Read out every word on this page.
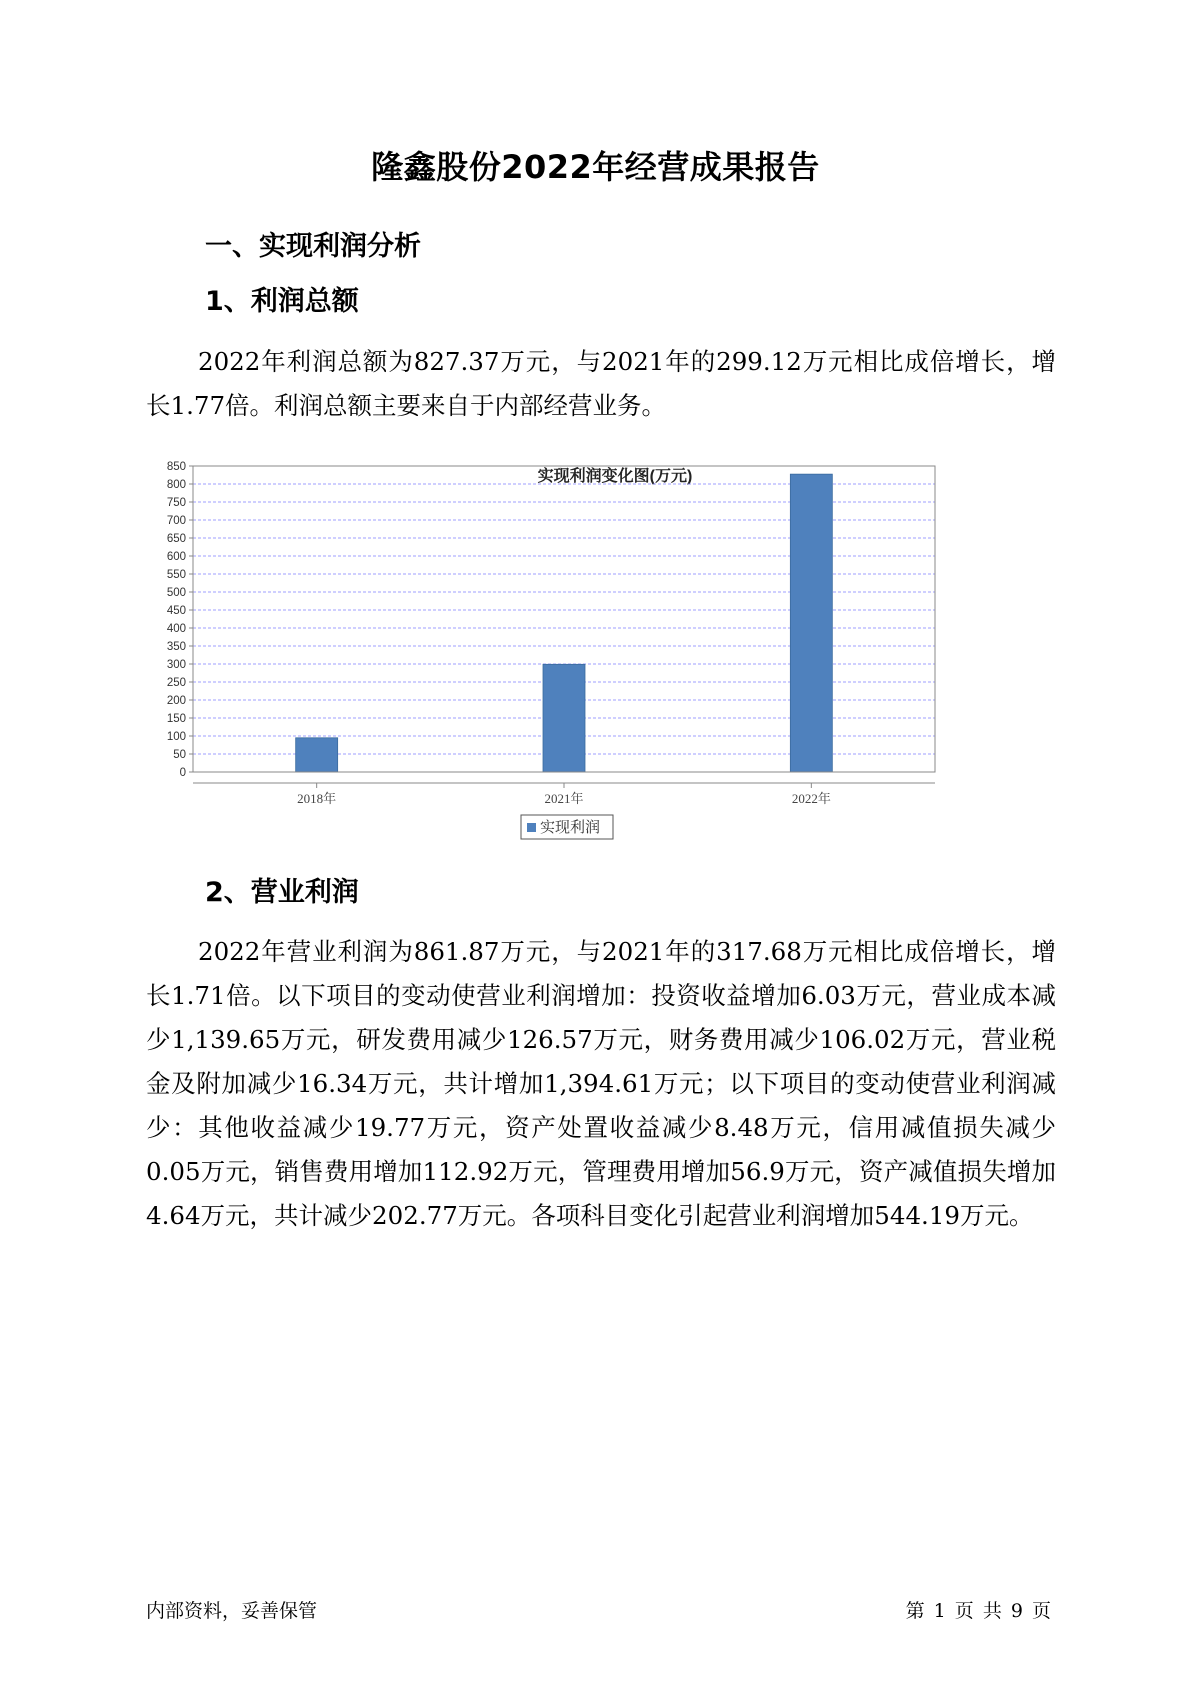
隆鑫股份2022年经营成果报告
一、实现利润分析
1、利润总额

2022年利润总额为827.37万元，与2021年的299.12万元相比成倍增长，增长1.77倍。利润总额主要来自于内部经营业务。

实现利润变化图(万元)
0
50
100
150
200
250
300
350
400
450
500
550
600
650
700
750
800
850
2018年	2021年	2022年
实现利润
2、营业利润

2022年营业利润为861.87万元，与2021年的317.68万元相比成倍增长，增长1.71倍。以下项目的变动使营业利润增加：投资收益增加6.03万元，营业成本减少1,139.65万元，研发费用减少126.57万元，财务费用减少106.02万元，营业税金及附加减少16.34万元，共计增加1,394.61万元；以下项目的变动使营业利润减少：其他收益减少19.77万元，资产处置收益减少8.48万元，信用减值损失减少0.05万元，销售费用增加112.92万元，管理费用增加56.9万元，资产减值损失增加4.64万元，共计减少202.77万元。各项科目变化引起营业利润增加544.19万元。

内部资料，妥善保管	第 1 页 共 9 页
